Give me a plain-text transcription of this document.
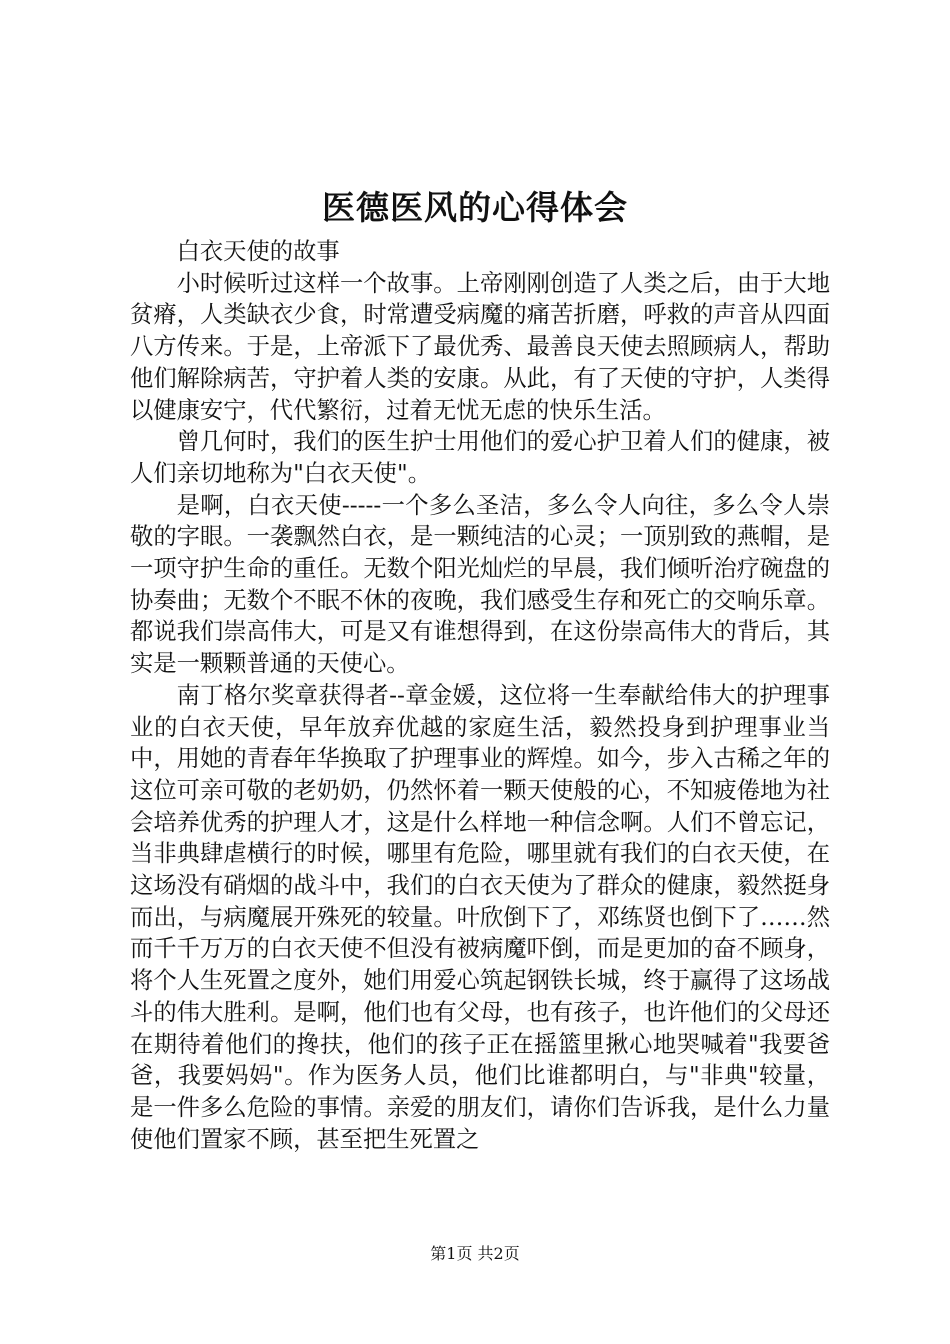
医德医风的心得体会

白衣天使的故事

小时候听过这样一个故事。上帝刚刚创造了人类之后，由于大地贫瘠，人类缺衣少食，时常遭受病魔的痛苦折磨，呼救的声音从四面八方传来。于是，上帝派下了最优秀、最善良天使去照顾病人，帮助他们解除病苦，守护着人类的安康。从此，有了天使的守护，人类得以健康安宁，代代繁衍，过着无忧无虑的快乐生活。

曾几何时，我们的医生护士用他们的爱心护卫着人们的健康，被人们亲切地称为"白衣天使"。

是啊，白衣天使-----一个多么圣洁，多么令人向往，多么令人崇敬的字眼。一袭飘然白衣，是一颗纯洁的心灵；一顶别致的燕帽，是一项守护生命的重任。无数个阳光灿烂的早晨，我们倾听治疗碗盘的协奏曲；无数个不眠不休的夜晚，我们感受生存和死亡的交响乐章。都说我们崇高伟大，可是又有谁想得到，在这份崇高伟大的背后，其实是一颗颗普通的天使心。

南丁格尔奖章获得者--章金媛，这位将一生奉献给伟大的护理事业的白衣天使，早年放弃优越的家庭生活，毅然投身到护理事业当中，用她的青春年华换取了护理事业的辉煌。如今，步入古稀之年的这位可亲可敬的老奶奶，仍然怀着一颗天使般的心，不知疲倦地为社会培养优秀的护理人才，这是什么样地一种信念啊。人们不曾忘记，当非典肆虐横行的时候，哪里有危险，哪里就有我们的白衣天使，在这场没有硝烟的战斗中，我们的白衣天使为了群众的健康，毅然挺身而出，与病魔展开殊死的较量。叶欣倒下了，邓练贤也倒下了……然而千千万万的白衣天使不但没有被病魔吓倒，而是更加的奋不顾身，将个人生死置之度外，她们用爱心筑起钢铁长城，终于赢得了这场战斗的伟大胜利。是啊，他们也有父母，也有孩子，也许他们的父母还在期待着他们的搀扶，他们的孩子正在摇篮里揪心地哭喊着"我要爸爸，我要妈妈"。作为医务人员，他们比谁都明白，与"非典"较量，是一件多么危险的事情。亲爱的朋友们，请你们告诉我，是什么力量使他们置家不顾，甚至把生死置之

第1页 共2页
